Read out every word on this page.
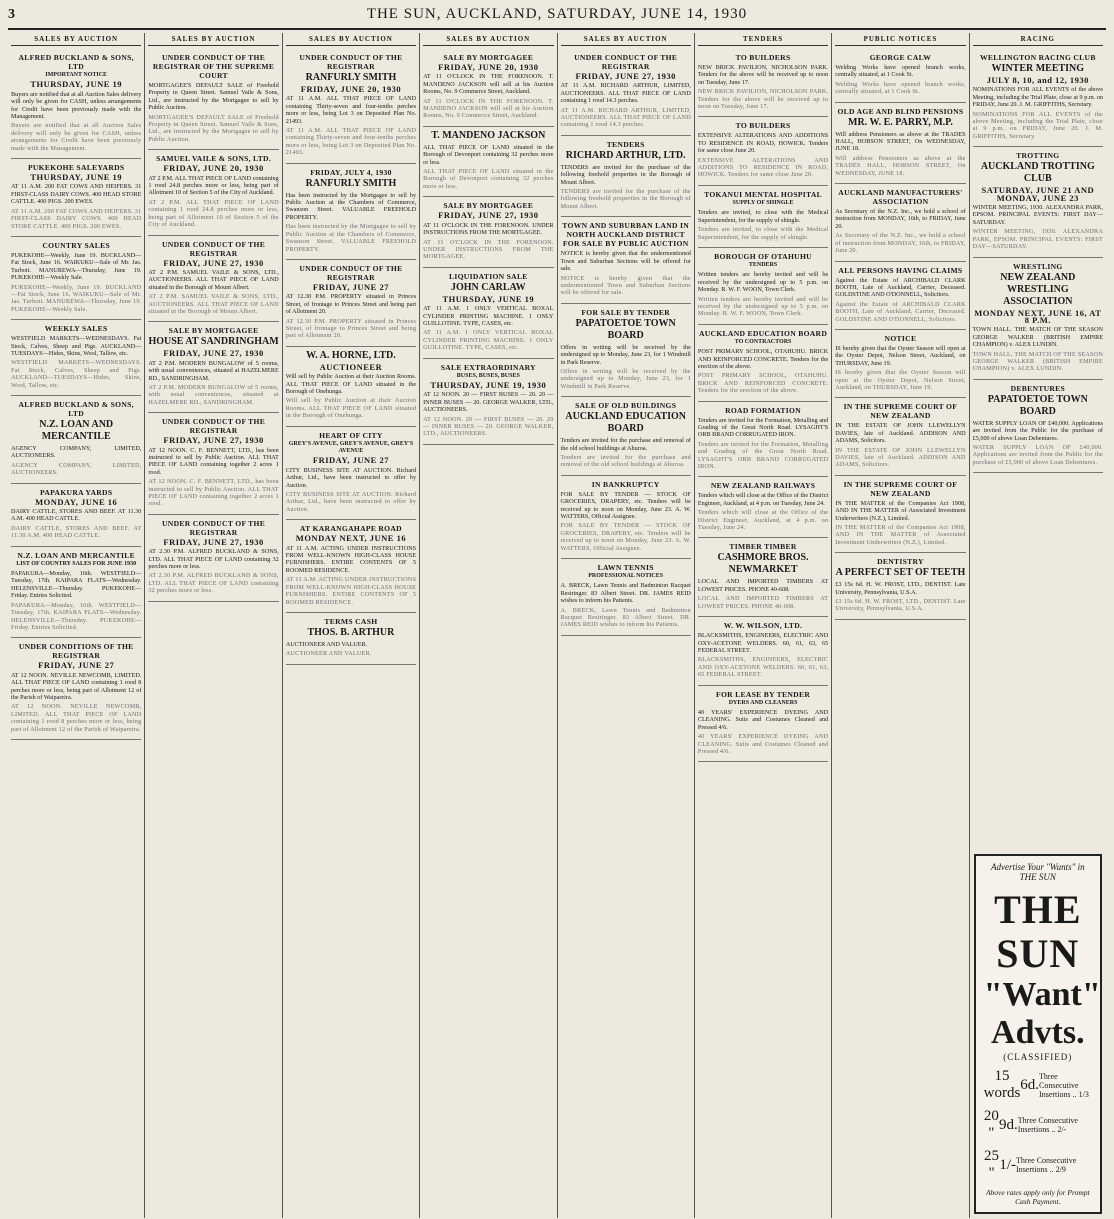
3	THE SUN, AUCKLAND, SATURDAY, JUNE 14, 1930
SALES BY AUCTION
ALFRED BUCKLAND & SONS, LTD
IMPORTANT NOTICE
THURSDAY, JUNE 19

Buyers are notified that at all Auction Sales delivery will only be given for CASH, unless arrangements for Credit have been previously made with the Management.

Buyers are notified that at all Auction Sales delivery will only be given for CASH, unless arrangements for Credit have been previously made with the Management.

PUKEKOHE SALEYARDS
THURSDAY, JUNE 19

AT 11 A.M. 200 FAT COWS AND HEIFERS. 31 FIRST-CLASS DAIRY COWS. 400 HEAD STORE CATTLE. 400 PIGS. 200 EWES.

AT 11 A.M. 200 FAT COWS AND HEIFERS. 31 FIRST-CLASS DAIRY COWS. 400 HEAD STORE CATTLE. 400 PIGS. 200 EWES.

COUNTRY SALES

PUKEKOHE—Weekly, June 19. BUCKLAND—Fat Stock, June 16. WAIKUKU—Sale of Mr. Jas. Turbott. MANUREWA—Thursday, June 19. PUKEKOHE—Weekly Sale.

PUKEKOHE—Weekly, June 19. BUCKLAND—Fat Stock, June 16. WAIKUKU—Sale of Mr. Jas. Turbott. MANUREWA—Thursday, June 19. PUKEKOHE—Weekly Sale.

WEEKLY SALES

WESTFIELD MARKETS—WEDNESDAYS. Fat Stock, Calves, Sheep and Pigs. AUCKLAND—TUESDAYS—Hides, Skins, Wool, Tallow, etc.

WESTFIELD MARKETS—WEDNESDAYS. Fat Stock, Calves, Sheep and Pigs. AUCKLAND—TUESDAYS—Hides, Skins, Wool, Tallow, etc.

ALFRED BUCKLAND & SONS, LTD
N.Z. LOAN AND MERCANTILE

AGENCY COMPANY, LIMITED, AUCTIONEERS.

AGENCY COMPANY, LIMITED, AUCTIONEERS.

PAPAKURA YARDS
MONDAY, JUNE 16

DAIRY CATTLE, STORES AND BEEF. AT 11.30 A.M. 400 HEAD CATTLE.

DAIRY CATTLE, STORES AND BEEF. AT 11.30 A.M. 400 HEAD CATTLE.

N.Z. LOAN AND MERCANTILE
LIST OF COUNTRY SALES FOR JUNE 1930

PAPAKURA—Monday, 16th. WESTFIELD—Tuesday, 17th. KAIPARA FLATS—Wednesday. HELENSVILLE—Thursday. PUKEKOHE—Friday. Entries Solicited.

PAPAKURA—Monday, 16th. WESTFIELD—Tuesday, 17th. KAIPARA FLATS—Wednesday. HELENSVILLE—Thursday. PUKEKOHE—Friday. Entries Solicited.

UNDER CONDITIONS OF THE REGISTRAR
FRIDAY, JUNE 27

AT 12 NOON. NEVILLE NEWCOMB, LIMITED. ALL THAT PIECE OF LAND containing 1 rood 8 perches more or less, being part of Allotment 12 of the Parish of Waipareira.

AT 12 NOON. NEVILLE NEWCOMB, LIMITED. ALL THAT PIECE OF LAND containing 1 rood 8 perches more or less, being part of Allotment 12 of the Parish of Waipareira.

SALES BY AUCTION
UNDER CONDUCT OF THE REGISTRAR OF THE SUPREME COURT

MORTGAGEE'S DEFAULT SALE of Freehold Property in Queen Street. Samuel Vaile & Sons, Ltd., are instructed by the Mortgagee to sell by Public Auction.

MORTGAGEE'S DEFAULT SALE of Freehold Property in Queen Street. Samuel Vaile & Sons, Ltd., are instructed by the Mortgagee to sell by Public Auction.

SAMUEL VAILE & SONS, LTD.
FRIDAY, JUNE 20, 1930

AT 2 P.M. ALL THAT PIECE OF LAND containing 1 rood 24.8 perches more or less, being part of Allotment 10 of Section 5 of the City of Auckland.

AT 2 P.M. ALL THAT PIECE OF LAND containing 1 rood 24.8 perches more or less, being part of Allotment 10 of Section 5 of the City of Auckland.

UNDER CONDUCT OF THE REGISTRAR
FRIDAY, JUNE 27, 1930

AT 2 P.M. SAMUEL VAILE & SONS, LTD., AUCTIONEERS. ALL THAT PIECE OF LAND situated in the Borough of Mount Albert.

AT 2 P.M. SAMUEL VAILE & SONS, LTD., AUCTIONEERS. ALL THAT PIECE OF LAND situated in the Borough of Mount Albert.

SALE BY MORTGAGEE
HOUSE AT SANDRINGHAM
FRIDAY, JUNE 27, 1930

AT 2 P.M. MODERN BUNGALOW of 5 rooms, with usual conveniences, situated at HAZELMERE RD., SANDRINGHAM.

AT 2 P.M. MODERN BUNGALOW of 5 rooms, with usual conveniences, situated at HAZELMERE RD., SANDRINGHAM.

UNDER CONDUCT OF THE REGISTRAR
FRIDAY, JUNE 27, 1930

AT 12 NOON. C. F. BENNETT, LTD., has been instructed to sell by Public Auction. ALL THAT PIECE OF LAND containing together 2 acres 1 rood.

AT 12 NOON. C. F. BENNETT, LTD., has been instructed to sell by Public Auction. ALL THAT PIECE OF LAND containing together 2 acres 1 rood.

UNDER CONDUCT OF THE REGISTRAR
FRIDAY, JUNE 27, 1930

AT 2.30 P.M. ALFRED BUCKLAND & SONS, LTD. ALL THAT PIECE OF LAND containing 32 perches more or less.

AT 2.30 P.M. ALFRED BUCKLAND & SONS, LTD. ALL THAT PIECE OF LAND containing 32 perches more or less.

SALES BY AUCTION
UNDER CONDUCT OF THE REGISTRAR
RANFURLY SMITH
FRIDAY, JUNE 20, 1930

AT 11 A.M. ALL THAT PIECE OF LAND containing Thirty-seven and four-tenths perches more or less, being Lot 3 on Deposited Plan No. 21493.

AT 11 A.M. ALL THAT PIECE OF LAND containing Thirty-seven and four-tenths perches more or less, being Lot 3 on Deposited Plan No. 21493.

FRIDAY, JULY 4, 1930
RANFURLY SMITH

Has been instructed by the Mortgagee to sell by Public Auction at the Chambers of Commerce, Swanson Street. VALUABLE FREEHOLD PROPERTY.

Has been instructed by the Mortgagee to sell by Public Auction at the Chambers of Commerce, Swanson Street. VALUABLE FREEHOLD PROPERTY.

UNDER CONDUCT OF THE REGISTRAR
FRIDAY, JUNE 27

AT 12.30 P.M. PROPERTY situated in Princes Street, of frontage to Princes Street and being part of Allotment 20.

AT 12.30 P.M. PROPERTY situated in Princes Street, of frontage to Princes Street and being part of Allotment 20.

W. A. HORNE, LTD.
AUCTIONEER

Will sell by Public Auction at their Auction Rooms. ALL THAT PIECE OF LAND situated in the Borough of Onehunga.

Will sell by Public Auction at their Auction Rooms. ALL THAT PIECE OF LAND situated in the Borough of Onehunga.

HEART OF CITY
GREY'S AVENUE, GREY'S AVENUE, GREY'S AVENUE
FRIDAY, JUNE 27

CITY BUSINESS SITE AT AUCTION. Richard Arthur, Ltd., have been instructed to offer by Auction.

CITY BUSINESS SITE AT AUCTION. Richard Arthur, Ltd., have been instructed to offer by Auction.

AT KARANGAHAPE ROAD
MONDAY NEXT, JUNE 16

AT 11 A.M. ACTING UNDER INSTRUCTIONS FROM WELL-KNOWN HIGH-CLASS HOUSE FURNISHERS. ENTIRE CONTENTS OF 5 ROOMED RESIDENCE.

AT 11 A.M. ACTING UNDER INSTRUCTIONS FROM WELL-KNOWN HIGH-CLASS HOUSE FURNISHERS. ENTIRE CONTENTS OF 5 ROOMED RESIDENCE.

TERMS CASH
THOS. B. ARTHUR

AUCTIONEER AND VALUER.

AUCTIONEER AND VALUER.

SALES BY AUCTION
SALE BY MORTGAGEE
FRIDAY, JUNE 20, 1930

AT 11 O'CLOCK IN THE FORENOON. T. MANDENO JACKSON will sell at his Auction Rooms, No. 9 Commerce Street, Auckland.

AT 11 O'CLOCK IN THE FORENOON. T. MANDENO JACKSON will sell at his Auction Rooms, No. 9 Commerce Street, Auckland.

T. MANDENO JACKSON

ALL THAT PIECE OF LAND situated in the Borough of Devonport containing 32 perches more or less.

ALL THAT PIECE OF LAND situated in the Borough of Devonport containing 32 perches more or less.

SALE BY MORTGAGEE
FRIDAY, JUNE 27, 1930

AT 11 O'CLOCK IN THE FORENOON. UNDER INSTRUCTIONS FROM THE MORTGAGEE.

AT 11 O'CLOCK IN THE FORENOON. UNDER INSTRUCTIONS FROM THE MORTGAGEE.

LIQUIDATION SALE
JOHN CARLAW
THURSDAY, JUNE 19

AT 11 A.M. 1 ONLY VERTICAL BOXAL CYLINDER PRINTING MACHINE. 1 ONLY GUILLOTINE. TYPE, CASES, etc.

AT 11 A.M. 1 ONLY VERTICAL BOXAL CYLINDER PRINTING MACHINE. 1 ONLY GUILLOTINE. TYPE, CASES, etc.

SALE EXTRAORDINARY
BUSES, BUSES, BUSES
THURSDAY, JUNE 19, 1930

AT 12 NOON. 20 — FIRST BUSES — 20. 20 — INNER BUSES — 20. GEORGE WALKER, LTD., AUCTIONEERS.

AT 12 NOON. 20 — FIRST BUSES — 20. 20 — INNER BUSES — 20. GEORGE WALKER, LTD., AUCTIONEERS.

SALES BY AUCTION
UNDER CONDUCT OF THE REGISTRAR
FRIDAY, JUNE 27, 1930

AT 11 A.M. RICHARD ARTHUR, LIMITED, AUCTIONEERS. ALL THAT PIECE OF LAND containing 1 rood 14.3 perches.

AT 11 A.M. RICHARD ARTHUR, LIMITED, AUCTIONEERS. ALL THAT PIECE OF LAND containing 1 rood 14.3 perches.

TENDERS
RICHARD ARTHUR, LTD.

TENDERS are invited for the purchase of the following freehold properties in the Borough of Mount Albert.

TENDERS are invited for the purchase of the following freehold properties in the Borough of Mount Albert.

TOWN AND SUBURBAN LAND IN NORTH AUCKLAND DISTRICT FOR SALE BY PUBLIC AUCTION

NOTICE is hereby given that the undermentioned Town and Suburban Sections will be offered for sale.

NOTICE is hereby given that the undermentioned Town and Suburban Sections will be offered for sale.

FOR SALE BY TENDER
PAPATOETOE TOWN BOARD

Offers in writing will be received by the undersigned up to Monday, June 23, for 1 Windmill in Park Reserve.

Offers in writing will be received by the undersigned up to Monday, June 23, for 1 Windmill in Park Reserve.

SALE OF OLD BUILDINGS
AUCKLAND EDUCATION BOARD

Tenders are invited for the purchase and removal of the old school buildings at Ahuroa.

Tenders are invited for the purchase and removal of the old school buildings at Ahuroa.

IN BANKRUPTCY

FOR SALE BY TENDER — STOCK OF GROCERIES, DRAPERY, etc. Tenders will be received up to noon on Monday, June 23. A. W. WATTERS, Official Assignee.

FOR SALE BY TENDER — STOCK OF GROCERIES, DRAPERY, etc. Tenders will be received up to noon on Monday, June 23. A. W. WATTERS, Official Assignee.

LAWN TENNIS
PROFESSIONAL NOTICES

A. BRECK, Lawn Tennis and Badminton Racquet Restringer. 83 Albert Street. DR. JAMES REID wishes to inform his Patients.

A. BRECK, Lawn Tennis and Badminton Racquet Restringer. 83 Albert Street. DR. JAMES REID wishes to inform his Patients.

TENDERS
TO BUILDERS

NEW BRICK PAVILION, NICHOLSON PARK. Tenders for the above will be received up to noon on Tuesday, June 17.

NEW BRICK PAVILION, NICHOLSON PARK. Tenders for the above will be received up to noon on Tuesday, June 17.

TO BUILDERS

EXTENSIVE ALTERATIONS AND ADDITIONS TO RESIDENCE IN ROAD, HOWICK. Tenders for same close June 20.

EXTENSIVE ALTERATIONS AND ADDITIONS TO RESIDENCE IN ROAD, HOWICK. Tenders for same close June 20.

TOKANUI MENTAL HOSPITAL
SUPPLY OF SHINGLE

Tenders are invited, to close with the Medical Superintendent, for the supply of shingle.

Tenders are invited, to close with the Medical Superintendent, for the supply of shingle.

BOROUGH OF OTAHUHU
TENDERS

Written tenders are hereby invited and will be received by the undersigned up to 5 p.m. on Monday. R. W. F. WOON, Town Clerk.

Written tenders are hereby invited and will be received by the undersigned up to 5 p.m. on Monday. R. W. F. WOON, Town Clerk.

AUCKLAND EDUCATION BOARD
TO CONTRACTORS

POST PRIMARY SCHOOL, OTAHUHU. BRICK AND REINFORCED CONCRETE. Tenders for the erection of the above.

POST PRIMARY SCHOOL, OTAHUHU. BRICK AND REINFORCED CONCRETE. Tenders for the erection of the above.

ROAD FORMATION

Tenders are invited for the Formation, Metalling and Grading of the Great North Road. LYSAGHT'S ORB BRAND CORRUGATED IRON.

Tenders are invited for the Formation, Metalling and Grading of the Great North Road. LYSAGHT'S ORB BRAND CORRUGATED IRON.

NEW ZEALAND RAILWAYS

Tenders which will close at the Office of the District Engineer, Auckland, at 4 p.m. on Tuesday, June 24.

Tenders which will close at the Office of the District Engineer, Auckland, at 4 p.m. on Tuesday, June 24.

TIMBER TIMBER
CASHMORE BROS. NEWMARKET

LOCAL AND IMPORTED TIMBERS AT LOWEST PRICES. PHONE 40-608.

LOCAL AND IMPORTED TIMBERS AT LOWEST PRICES. PHONE 40-608.

W. W. WILSON, LTD.

BLACKSMITHS, ENGINEERS, ELECTRIC AND OXY-ACETONE WELDERS. 60, 61, 63, 65 FEDERAL STREET.

BLACKSMITHS, ENGINEERS, ELECTRIC AND OXY-ACETONE WELDERS. 60, 61, 63, 65 FEDERAL STREET.

FOR LEASE BY TENDER
DYERS AND CLEANERS

40 YEARS' EXPERIENCE DYEING AND CLEANING. Suits and Costumes Cleaned and Pressed 4/6.

40 YEARS' EXPERIENCE DYEING AND CLEANING. Suits and Costumes Cleaned and Pressed 4/6.

PUBLIC NOTICES
GEORGE CALW

Welding Works have opened branch works, centrally situated, at 1 Cook St.

Welding Works have opened branch works, centrally situated, at 1 Cook St.

OLD AGE AND BLIND PENSIONS
MR. W. E. PARRY, M.P.

Will address Pensioners as above at the TRADES HALL, HOBSON STREET, On WEDNESDAY, JUNE 18.

Will address Pensioners as above at the TRADES HALL, HOBSON STREET, On WEDNESDAY, JUNE 18.

AUCKLAND MANUFACTURERS' ASSOCIATION

As Secretary of the N.Z. Inc., we hold a school of instruction from MONDAY, 16th, to FRIDAY, June 20.

As Secretary of the N.Z. Inc., we hold a school of instruction from MONDAY, 16th, to FRIDAY, June 20.

ALL PERSONS HAVING CLAIMS

Against the Estate of ARCHIBALD CLARK BOOTH, Late of Auckland, Carrier, Deceased. GOLDSTINE AND O'DONNELL, Solicitors.

Against the Estate of ARCHIBALD CLARK BOOTH, Late of Auckland, Carrier, Deceased. GOLDSTINE AND O'DONNELL, Solicitors.

NOTICE

IS hereby given that the Oyster Season will open at the Oyster Depot, Nelson Street, Auckland, on THURSDAY, June 19.

IS hereby given that the Oyster Season will open at the Oyster Depot, Nelson Street, Auckland, on THURSDAY, June 19.

IN THE SUPREME COURT OF NEW ZEALAND

IN THE ESTATE OF JOHN LLEWELLYN DAVIES, late of Auckland. ADDISON AND ADAMS, Solicitors.

IN THE ESTATE OF JOHN LLEWELLYN DAVIES, late of Auckland. ADDISON AND ADAMS, Solicitors.

IN THE SUPREME COURT OF NEW ZEALAND

IN THE MATTER of the Companies Act 1908, AND IN THE MATTER of Associated Investment Underwriters (N.Z.), Limited.

IN THE MATTER of the Companies Act 1908, AND IN THE MATTER of Associated Investment Underwriters (N.Z.), Limited.

DENTISTRY
A PERFECT SET OF TEETH

£3 15s 6d. H. W. FROST, LTD., DENTIST. Late University, Pennsylvania, U.S.A.

£3 15s 6d. H. W. FROST, LTD., DENTIST. Late University, Pennsylvania, U.S.A.

RACING
WELLINGTON RACING CLUB
WINTER MEETING
JULY 8, 10, and 12, 1930

NOMINATIONS FOR ALL EVENTS of the above Meeting, including the Trial Plate, close at 9 p.m. on FRIDAY, June 20. J. M. GRIFFITHS, Secretary.

NOMINATIONS FOR ALL EVENTS of the above Meeting, including the Trial Plate, close at 9 p.m. on FRIDAY, June 20. J. M. GRIFFITHS, Secretary.

TROTTING
AUCKLAND TROTTING CLUB
SATURDAY, JUNE 21 AND MONDAY, JUNE 23

WINTER MEETING, 1930. ALEXANDRA PARK, EPSOM. PRINCIPAL EVENTS: FIRST DAY—SATURDAY.

WINTER MEETING, 1930. ALEXANDRA PARK, EPSOM. PRINCIPAL EVENTS: FIRST DAY—SATURDAY.

WRESTLING
NEW ZEALAND WRESTLING ASSOCIATION
MONDAY NEXT, JUNE 16, AT 8 P.M.

TOWN HALL. THE MATCH OF THE SEASON GEORGE WALKER (BRITISH EMPIRE CHAMPION) v. ALEX LUNDIN.

TOWN HALL. THE MATCH OF THE SEASON GEORGE WALKER (BRITISH EMPIRE CHAMPION) v. ALEX LUNDIN.

DEBENTURES
PAPATOETOE TOWN BOARD

WATER SUPPLY LOAN OF £40,000. Applications are invited from the Public for the purchase of £5,000 of above Loan Debentures.

WATER SUPPLY LOAN OF £40,000. Applications are invited from the Public for the purchase of £5,000 of above Loan Debentures.

Advertise Your "Wants" in THE SUN
THE SUN
"Want" Advts.
(CLASSIFIED)
15 words
6d.
Three Consecutive Insertions .. 1/3
20 "
9d. Three Consecutive Insertions .. 2/-
25 "
1/- Three Consecutive Insertions .. 2/9
Above rates apply only for Prompt Cash Payment.
